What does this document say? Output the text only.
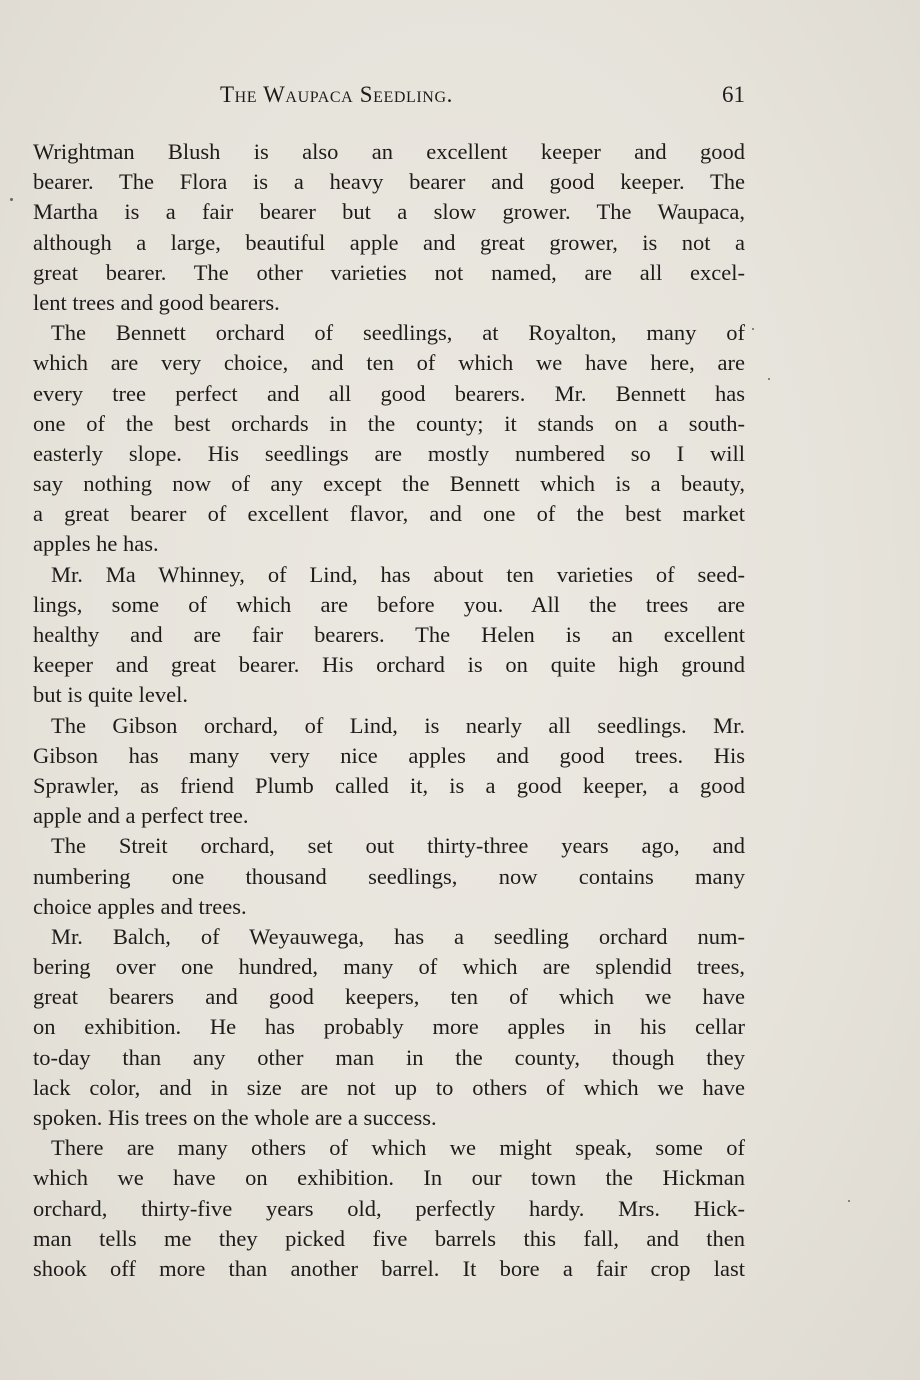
The Waupaca Seedling.	61
Wrightman Blush is also an excellent keeper and good
bearer. The Flora is a heavy bearer and good keeper. The
Martha is a fair bearer but a slow grower. The Waupaca,
although a large, beautiful apple and great grower, is not a
great bearer. The other varieties not named, are all excel-
lent trees and good bearers.
The Bennett orchard of seedlings, at Royalton, many of
which are very choice, and ten of which we have here, are
every tree perfect and all good bearers. Mr. Bennett has
one of the best orchards in the county; it stands on a south-
easterly slope. His seedlings are mostly numbered so I will
say nothing now of any except the Bennett which is a beauty,
a great bearer of excellent flavor, and one of the best market
apples he has.
Mr. Ma Whinney, of Lind, has about ten varieties of seed-
lings, some of which are before you. All the trees are
healthy and are fair bearers. The Helen is an excellent
keeper and great bearer. His orchard is on quite high ground
but is quite level.
The Gibson orchard, of Lind, is nearly all seedlings. Mr.
Gibson has many very nice apples and good trees. His
Sprawler, as friend Plumb called it, is a good keeper, a good
apple and a perfect tree.
The Streit orchard, set out thirty-three years ago, and
numbering one thousand seedlings, now contains many
choice apples and trees.
Mr. Balch, of Weyauwega, has a seedling orchard num-
bering over one hundred, many of which are splendid trees,
great bearers and good keepers, ten of which we have
on exhibition. He has probably more apples in his cellar
to-day than any other man in the county, though they
lack color, and in size are not up to others of which we have
spoken. His trees on the whole are a success.
There are many others of which we might speak, some of
which we have on exhibition. In our town the Hickman
orchard, thirty-five years old, perfectly hardy. Mrs. Hick-
man tells me they picked five barrels this fall, and then
shook off more than another barrel. It bore a fair crop last
